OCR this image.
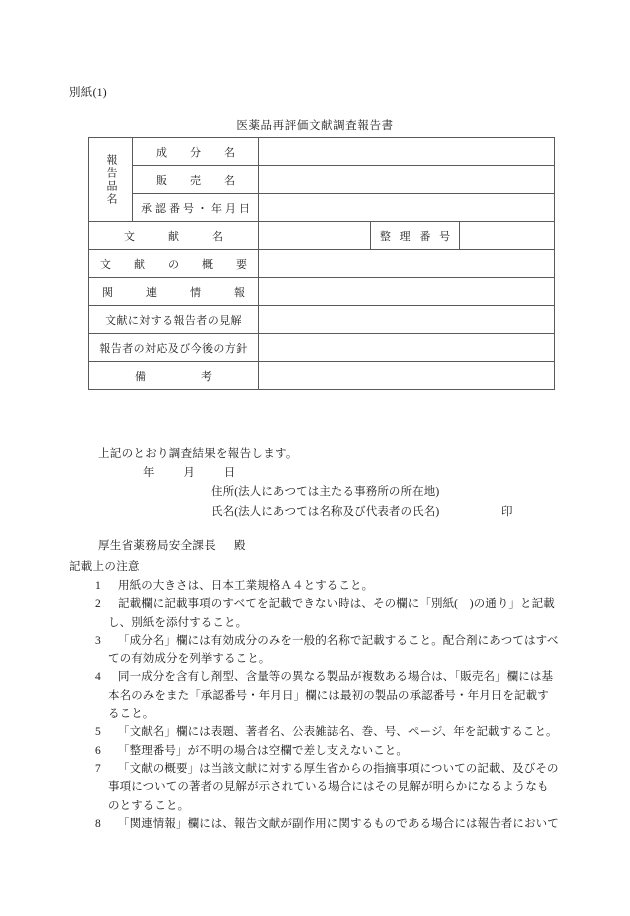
別紙(1)
医薬品再評価文献調査報告書
報告品名	成　分　名			
	販　売　名			
	承認番号・年月日			
文　献　名			整 理 番 号	
文　献　の　概　要				
関　連　情　報				
文献に対する報告者の見解				
報告者の対応及び今後の方針				
備　　考				
上記のとおり調査結果を報告します。
年	月	日
住所(法人にあつては主たる事務所の所在地)
氏名(法人にあつては名称及び代表者の氏名)	印
厚生省薬務局安全課長 殿
記載上の注意
1	用紙の大きさは、日本工業規格Ａ４とすること。
2	記載欄に記載事項のすべてを記載できない時は、その欄に「別紙(　)の通り」と記載
し、別紙を添付すること。
3	「成分名」欄には有効成分のみを一般的名称で記載すること。配合剤にあつてはすべ
ての有効成分を列挙すること。
4	同一成分を含有し剤型、含量等の異なる製品が複数ある場合は、「販売名」欄には基
本名のみをまた「承認番号・年月日」欄には最初の製品の承認番号・年月日を記載す
ること。
5	「文献名」欄には表題、著者名、公表雑誌名、巻、号、ページ、年を記載すること。
6	「整理番号」が不明の場合は空欄で差し支えないこと。
7	「文献の概要」は当該文献に対する厚生省からの指摘事項についての記載、及びその
事項についての著者の見解が示されている場合にはその見解が明らかになるようなも
のとすること。
8	「関連情報」欄には、報告文献が副作用に関するものである場合には報告者において
